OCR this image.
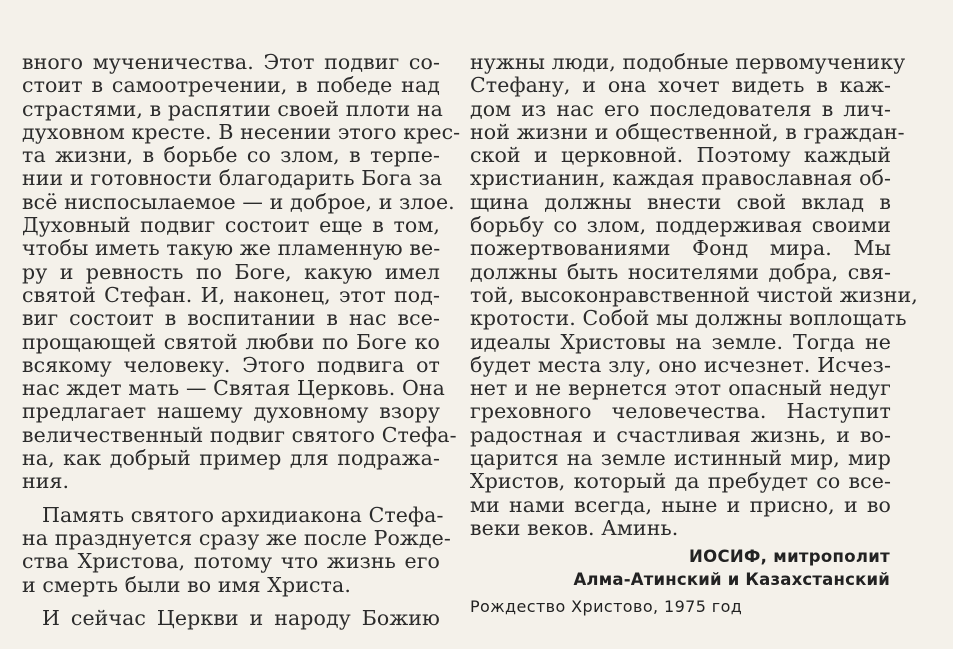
вного мученичества. Этот подвиг со-
стоит в самоотречении, в победе над
страстями, в распятии своей плоти на
духовном кресте. В несении этого крес-
та жизни, в борьбе со злом, в терпе-
нии и готовности благодарить Бога за
всё ниспосылаемое — и доброе, и злое.
Духовный подвиг состоит еще в том,
чтобы иметь такую же пламенную ве-
ру и ревность по Боге, какую имел
святой Стефан. И, наконец, этот под-
виг состоит в воспитании в нас все-
прощающей святой любви по Боге ко
всякому человеку. Этого подвига от
нас ждет мать — Святая Церковь. Она
предлагает нашему духовному взору
величественный подвиг святого Стефа-
на, как добрый пример для подража-
ния.
Память святого архидиакона Стефа-
на празднуется сразу же после Рожде-
ства Христова, потому что жизнь его
и смерть были во имя Христа.
И сейчас Церкви и народу Божию
нужны люди, подобные первомученику
Стефану, и она хочет видеть в каж-
дом из нас его последователя в лич-
ной жизни и общественной, в граждан-
ской и церковной. Поэтому каждый
христианин, каждая православная об-
щина должны внести свой вклад в
борьбу со злом, поддерживая своими
пожертвованиями Фонд мира. Мы
должны быть носителями добра, свя-
той, высоконравственной чистой жизни,
кротости. Собой мы должны воплощать
идеалы Христовы на земле. Тогда не
будет места злу, оно исчезнет. Исчез-
нет и не вернется этот опасный недуг
греховного человечества. Наступит
радостная и счастливая жизнь, и во-
царится на земле истинный мир, мир
Христов, который да пребудет со все-
ми нами всегда, ныне и присно, и во
веки веков. Аминь.
ИОСИФ, митрополит
Алма-Атинский и Казахстанский
Рождество Христово, 1975 год
